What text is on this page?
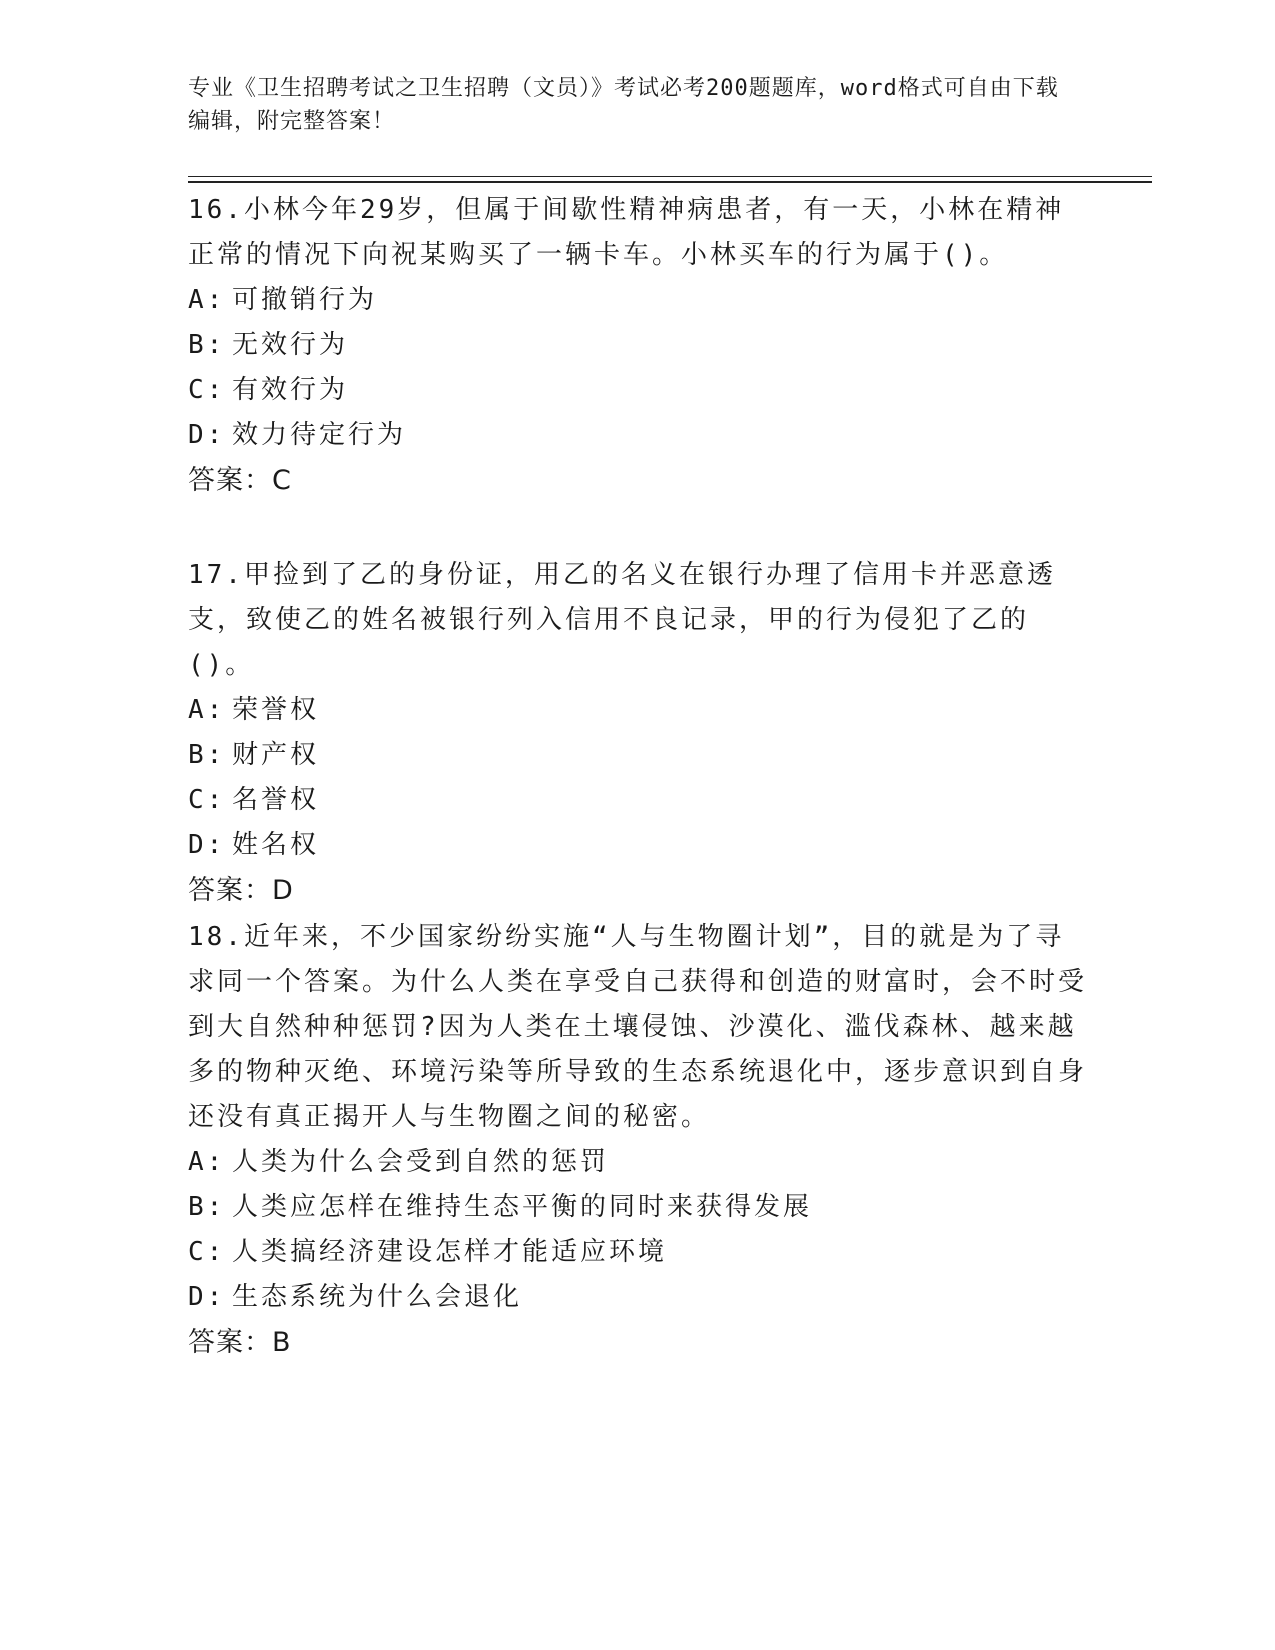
专业《卫生招聘考试之卫生招聘（文员）》考试必考200题题库，word格式可自由下载编辑，附完整答案！
16.小林今年29岁，但属于间歇性精神病患者，有一天，小林在精神正常的情况下向祝某购买了一辆卡车。小林买车的行为属于()。
A: 可撤销行为
B: 无效行为
C: 有效行为
D: 效力待定行为
答案：C
17.甲捡到了乙的身份证，用乙的名义在银行办理了信用卡并恶意透支，致使乙的姓名被银行列入信用不良记录，甲的行为侵犯了乙的()。
A: 荣誉权
B: 财产权
C: 名誉权
D: 姓名权
答案：D
18.近年来，不少国家纷纷实施“人与生物圈计划”，目的就是为了寻求同一个答案。为什么人类在享受自己获得和创造的财富时，会不时受到大自然种种惩罚?因为人类在土壤侵蚀、沙漠化、滥伐森林、越来越多的物种灭绝、环境污染等所导致的生态系统退化中，逐步意识到自身还没有真正揭开人与生物圈之间的秘密。
A: 人类为什么会受到自然的惩罚
B: 人类应怎样在维持生态平衡的同时来获得发展
C: 人类搞经济建设怎样才能适应环境
D: 生态系统为什么会退化
答案：B
